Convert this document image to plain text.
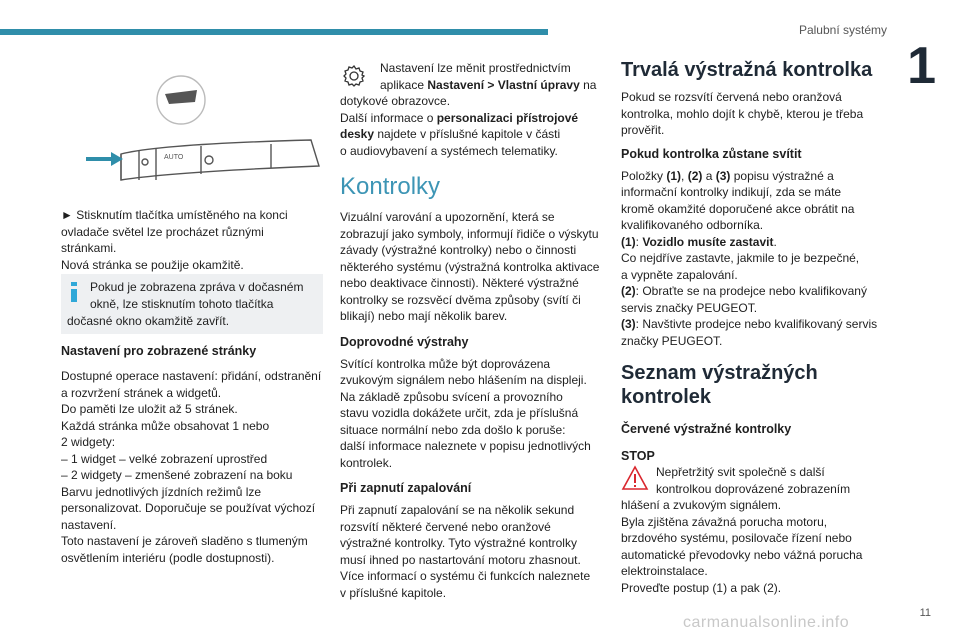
Palubní systémy
1
AUTO

► Stisknutím tlačítka umístěného na konci

ovladače světel lze procházet různými

stránkami.

Nová stránka se použije okamžitě.

Pokud je zobrazena zpráva v dočasném

okně, lze stisknutím tohoto tlačítka

dočasné okno okamžitě zavřít.

Nastavení pro zobrazené stránky

Dostupné operace nastavení: přidání, odstranění

a rozvržení stránek a widgetů.

Do paměti lze uložit až 5 stránek.

Každá stránka může obsahovat 1 nebo

2 widgety:

– 1 widget – velké zobrazení uprostřed

– 2 widgety – zmenšené zobrazení na boku

Barvu jednotlivých jízdních režimů lze

personalizovat. Doporučuje se používat výchozí

nastavení.

Toto nastavení je zároveň sladěno s tlumeným

osvětlením interiéru (podle dostupnosti).

Nastavení lze měnit prostřednictvím

aplikace Nastavení > Vlastní úpravy na

dotykové obrazovce.

Další informace o personalizaci přístrojové

desky najdete v příslušné kapitole v části

o audiovybavení a systémech telematiky.

Kontrolky

Vizuální varování a upozornění, která se

zobrazují jako symboly, informují řidiče o výskytu

závady (výstražné kontrolky) nebo o činnosti

některého systému (výstražná kontrolka aktivace

nebo deaktivace činnosti). Některé výstražné

kontrolky se rozsvěcí dvěma způsoby (svítí či

blikají) nebo mají několik barev.

Doprovodné výstrahy

Svítící kontrolka může být doprovázena

zvukovým signálem nebo hlášením na displeji.

Na základě způsobu svícení a provozního

stavu vozidla dokážete určit, zda je příslušná

situace normální nebo zda došlo k poruše:

další informace naleznete v popisu jednotlivých

kontrolek.

Při zapnutí zapalování

Při zapnutí zapalování se na několik sekund

rozsvítí některé červené nebo oranžové

výstražné kontrolky. Tyto výstražné kontrolky

musí ihned po nastartování motoru zhasnout.

Více informací o systému či funkcích naleznete

v příslušné kapitole.

Trvalá výstražná kontrolka

Pokud se rozsvítí červená nebo oranžová

kontrolka, mohlo dojít k chybě, kterou je třeba

prověřit.

Pokud kontrolka zůstane svítit

Položky (1), (2) a (3) popisu výstražné a

informační kontrolky indikují, zda se máte

kromě okamžité doporučené akce obrátit na

kvalifikovaného odborníka.

(1): Vozidlo musíte zastavit.

Co nejdříve zastavte, jakmile to je bezpečné,

a vypněte zapalování.

(2): Obraťte se na prodejce nebo kvalifikovaný

servis značky PEUGEOT.

(3): Navštivte prodejce nebo kvalifikovaný servis

značky PEUGEOT.

Seznam výstražných

kontrolek

Červené výstražné kontrolky

STOP

Nepřetržitý svit společně s další

kontrolkou doprovázené zobrazením

hlášení a zvukovým signálem.

Byla zjištěna závažná porucha motoru,

brzdového systému, posilovače řízení nebo

automatické převodovky nebo vážná porucha

elektroinstalace.

Proveďte postup (1) a pak (2).

carmanualsonline.info
11
